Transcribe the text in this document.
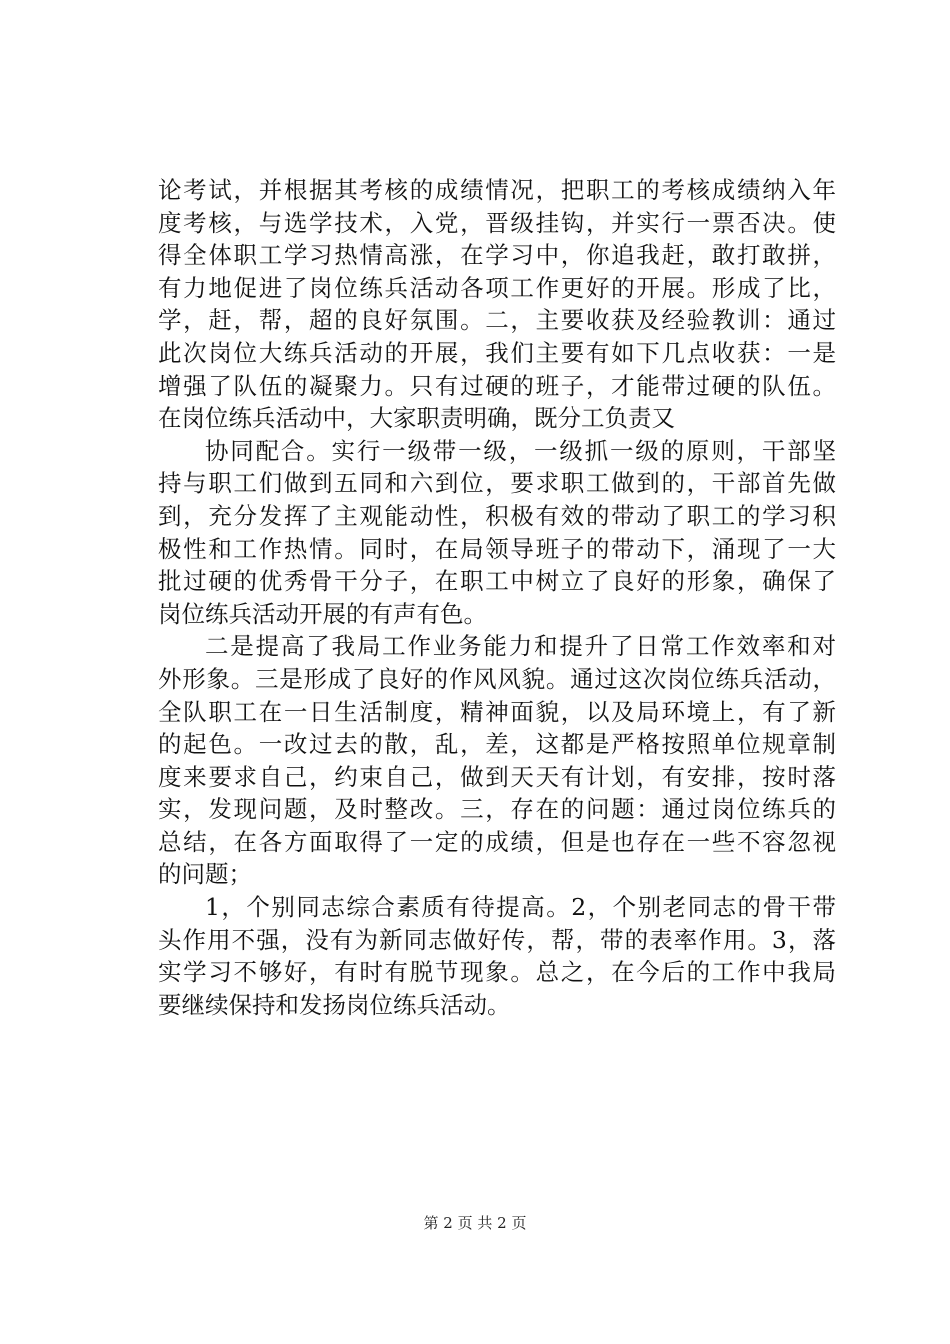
论考试，并根据其考核的成绩情况，把职工的考核成绩纳入年
度考核，与选学技术，入党，晋级挂钩，并实行一票否决。使
得全体职工学习热情高涨，在学习中，你追我赶，敢打敢拼，
有力地促进了岗位练兵活动各项工作更好的开展。形成了比，
学，赶，帮，超的良好氛围。二，主要收获及经验教训：通过
此次岗位大练兵活动的开展，我们主要有如下几点收获：一是
增强了队伍的凝聚力。只有过硬的班子，才能带过硬的队伍。
在岗位练兵活动中，大家职责明确，既分工负责又
协同配合。实行一级带一级，一级抓一级的原则，干部坚
持与职工们做到五同和六到位，要求职工做到的，干部首先做
到，充分发挥了主观能动性，积极有效的带动了职工的学习积
极性和工作热情。同时，在局领导班子的带动下，涌现了一大
批过硬的优秀骨干分子，在职工中树立了良好的形象，确保了
岗位练兵活动开展的有声有色。
二是提高了我局工作业务能力和提升了日常工作效率和对
外形象。三是形成了良好的作风风貌。通过这次岗位练兵活动，
全队职工在一日生活制度，精神面貌，以及局环境上，有了新
的起色。一改过去的散，乱，差，这都是严格按照单位规章制
度来要求自己，约束自己，做到天天有计划，有安排，按时落
实，发现问题，及时整改。三，存在的问题：通过岗位练兵的
总结，在各方面取得了一定的成绩，但是也存在一些不容忽视
的问题；
1，个别同志综合素质有待提高。2，个别老同志的骨干带
头作用不强，没有为新同志做好传，帮，带的表率作用。3，落
实学习不够好，有时有脱节现象。总之，在今后的工作中我局
要继续保持和发扬岗位练兵活动。
第 2 页 共 2 页
